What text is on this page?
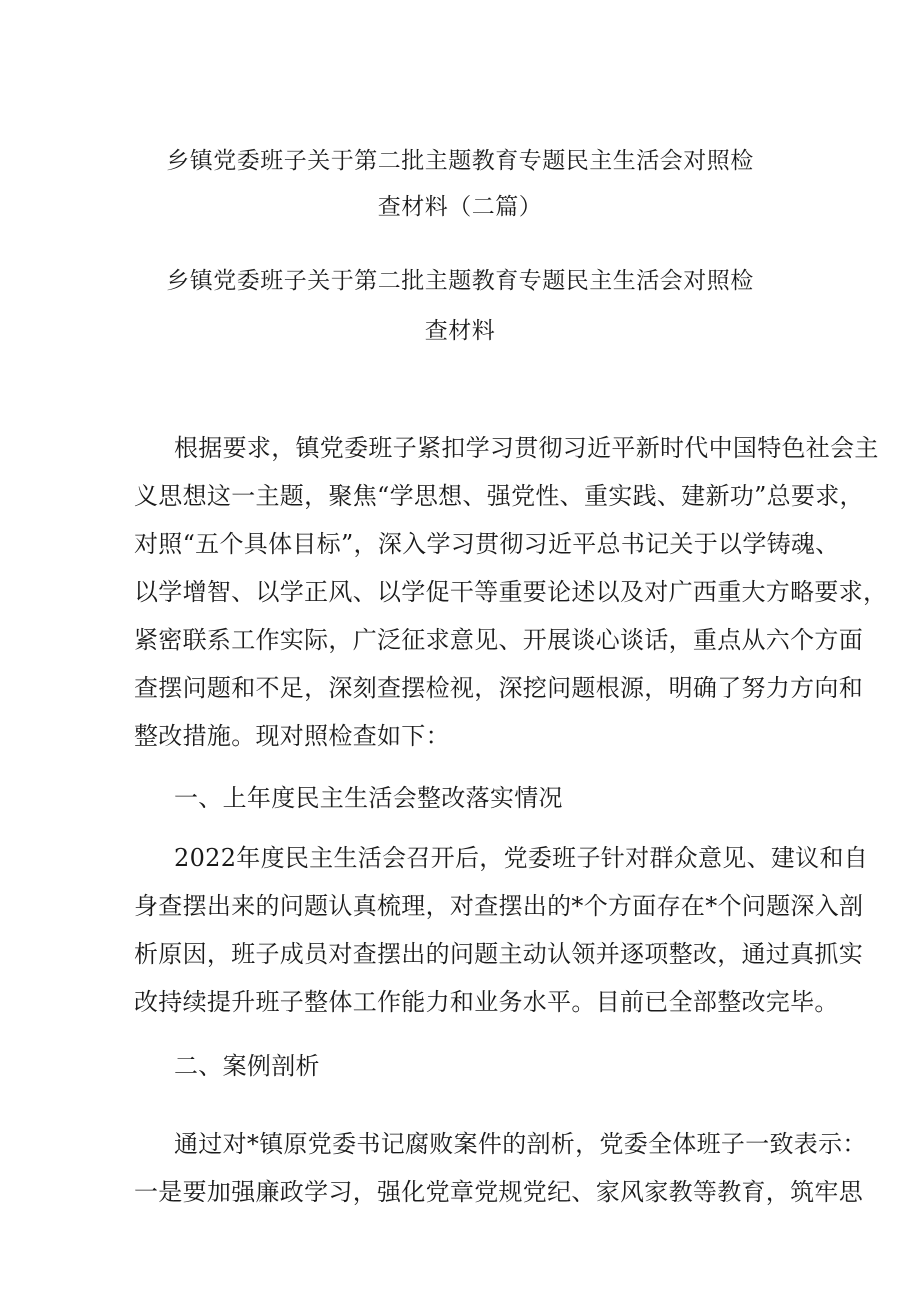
乡镇党委班子关于第二批主题教育专题民主生活会对照检
查材料（二篇）
乡镇党委班子关于第二批主题教育专题民主生活会对照检
查材料
根据要求，镇党委班子紧扣学习贯彻习近平新时代中国特色社会主
义思想这一主题，聚焦“学思想、强党性、重实践、建新功”总要求，
对照“五个具体目标”，深入学习贯彻习近平总书记关于以学铸魂、
以学增智、以学正风、以学促干等重要论述以及对广西重大方略要求，
紧密联系工作实际，广泛征求意见、开展谈心谈话，重点从六个方面
查摆问题和不足，深刻查摆检视，深挖问题根源，明确了努力方向和
整改措施。现对照检查如下：
一、上年度民主生活会整改落实情况
2022年度民主生活会召开后，党委班子针对群众意见、建议和自
身查摆出来的问题认真梳理，对查摆出的*个方面存在*个问题深入剖
析原因，班子成员对查摆出的问题主动认领并逐项整改，通过真抓实
改持续提升班子整体工作能力和业务水平。目前已全部整改完毕。
二、案例剖析
通过对*镇原党委书记腐败案件的剖析，党委全体班子一致表示：
一是要加强廉政学习，强化党章党规党纪、家风家教等教育，筑牢思
